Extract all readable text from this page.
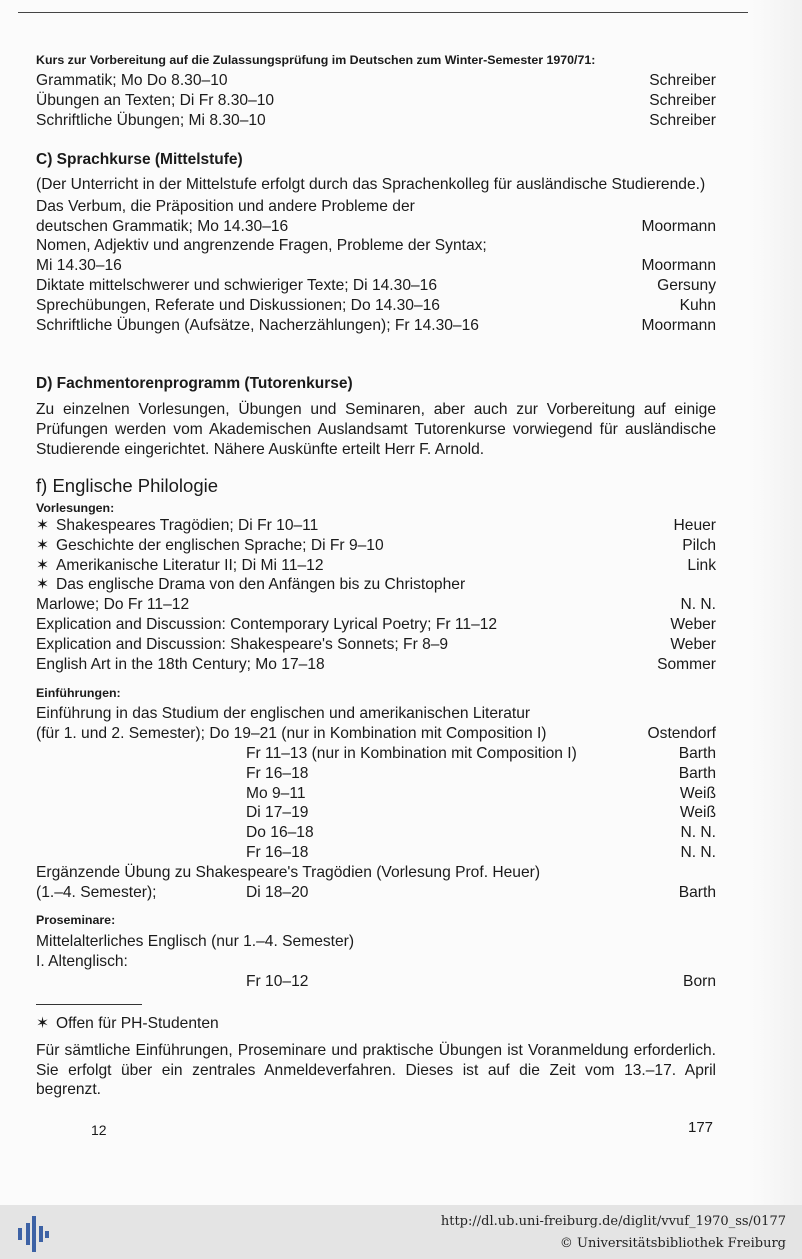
Kurs zur Vorbereitung auf die Zulassungsprüfung im Deutschen zum Winter-Semester 1970/71:
Grammatik; Mo Do 8.30–10	Schreiber
Übungen an Texten; Di Fr 8.30–10	Schreiber
Schriftliche Übungen; Mi 8.30–10	Schreiber
C) Sprachkurse (Mittelstufe)
(Der Unterricht in der Mittelstufe erfolgt durch das Sprachenkolleg für ausländische Studierende.)
Das Verbum, die Präposition und andere Probleme der
deutschen Grammatik; Mo 14.30–16	Moormann
Nomen, Adjektiv und angrenzende Fragen, Probleme der Syntax;
Mi 14.30–16	Moormann
Diktate mittelschwerer und schwieriger Texte; Di 14.30–16	Gersuny
Sprechübungen, Referate und Diskussionen; Do 14.30–16	Kuhn
Schriftliche Übungen (Aufsätze, Nacherzählungen); Fr 14.30–16	Moormann
D) Fachmentorenprogramm (Tutorenkurse)
Zu einzelnen Vorlesungen, Übungen und Seminaren, aber auch zur Vorbereitung auf einige Prüfungen werden vom Akademischen Auslandsamt Tutorenkurse vorwiegend für ausländische Studierende eingerichtet. Nähere Auskünfte erteilt Herr F. Arnold.
f) Englische Philologie
Vorlesungen:
✶ Shakespeares Tragödien; Di Fr 10–11	Heuer
✶ Geschichte der englischen Sprache; Di Fr 9–10	Pilch
✶ Amerikanische Literatur II; Di Mi 11–12	Link
✶ Das englische Drama von den Anfängen bis zu Christopher
Marlowe; Do Fr 11–12	N. N.
Explication and Discussion: Contemporary Lyrical Poetry; Fr 11–12	Weber
Explication and Discussion: Shakespeare's Sonnets; Fr 8–9	Weber
English Art in the 18th Century; Mo 17–18	Sommer
Einführungen:
Einführung in das Studium der englischen und amerikanischen Literatur
(für 1. und 2. Semester); Do 19–21 (nur in Kombination mit Composition I)	Ostendorf
Fr 11–13 (nur in Kombination mit Composition I)	Barth
Fr 16–18	Barth
Mo 9–11	Weiß
Di 17–19	Weiß
Do 16–18	N. N.
Fr 16–18	N. N.
Ergänzende Übung zu Shakespeare's Tragödien (Vorlesung Prof. Heuer)
(1.–4. Semester);	Di 18–20	Barth
Proseminare:
Mittelalterliches Englisch (nur 1.–4. Semester)
I. Altenglisch:
Fr 10–12	Born
✶ Offen für PH-Studenten
Für sämtliche Einführungen, Proseminare und praktische Übungen ist Voranmeldung erforderlich. Sie erfolgt über ein zentrales Anmeldeverfahren. Dieses ist auf die Zeit vom 13.–17. April begrenzt.
12	177
http://dl.ub.uni-freiburg.de/diglit/vvuf_1970_ss/0177
© Universitätsbibliothek Freiburg
